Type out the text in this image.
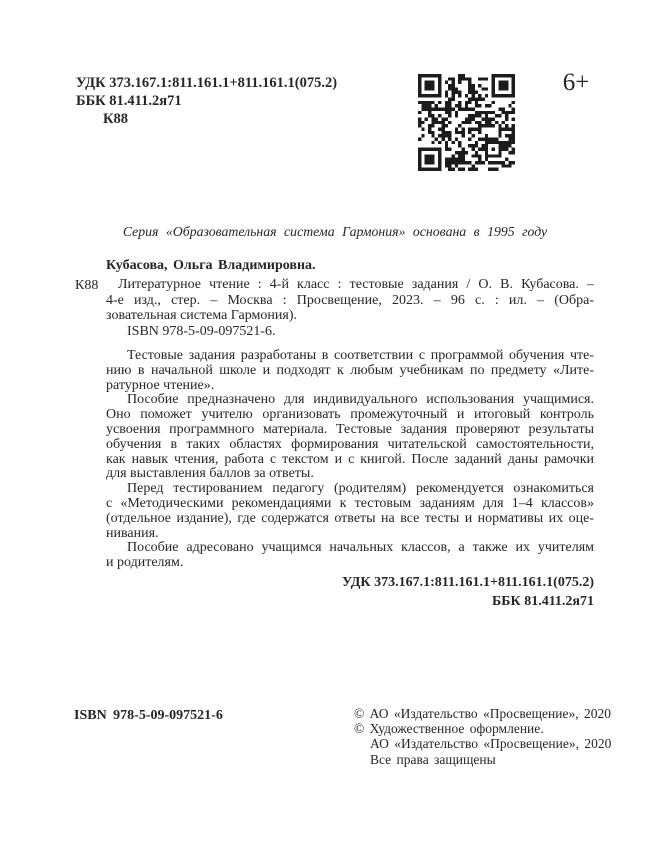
УДК 373.167.1:811.161.1+811.161.1(075.2)
ББК 81.411.2я71
К88
6+
Серия «Образовательная система Гармония» основана в 1995 году
К88
Кубасова, Ольга Владимировна.
Литературное чтение : 4-й класс : тестовые задания / О. В. Кубасова. –
4-е изд., стер. – Москва : Просвещение, 2023. – 96 с. : ил. – (Обра-
зовательная система Гармония).
ISBN 978-5-09-097521-6.
Тестовые задания разработаны в соответствии с программой обучения чте-
нию в начальной школе и подходят к любым учебникам по предмету «Лите-
ратурное чтение».
Пособие предназначено для индивидуального использования учащимися.
Оно поможет учителю организовать промежуточный и итоговый контроль
усвоения программного материала. Тестовые задания проверяют результаты
обучения в таких областях формирования читательской самостоятельности,
как навык чтения, работа с текстом и с книгой. После заданий даны рамочки
для выставления баллов за ответы.
Перед тестированием педагогу (родителям) рекомендуется ознакомиться
с «Методическими рекомендациями к тестовым заданиям для 1–4 классов»
(отдельное издание), где содержатся ответы на все тесты и нормативы их оце-
нивания.
Пособие адресовано учащимся начальных классов, а также их учителям
и родителям.
УДК 373.167.1:811.161.1+811.161.1(075.2)
ББК 81.411.2я71
ISBN 978-5-09-097521-6	© АО «Издательство «Просвещение», 2020
© Художественное оформление.
АО «Издательство «Просвещение», 2020
Все права защищены
